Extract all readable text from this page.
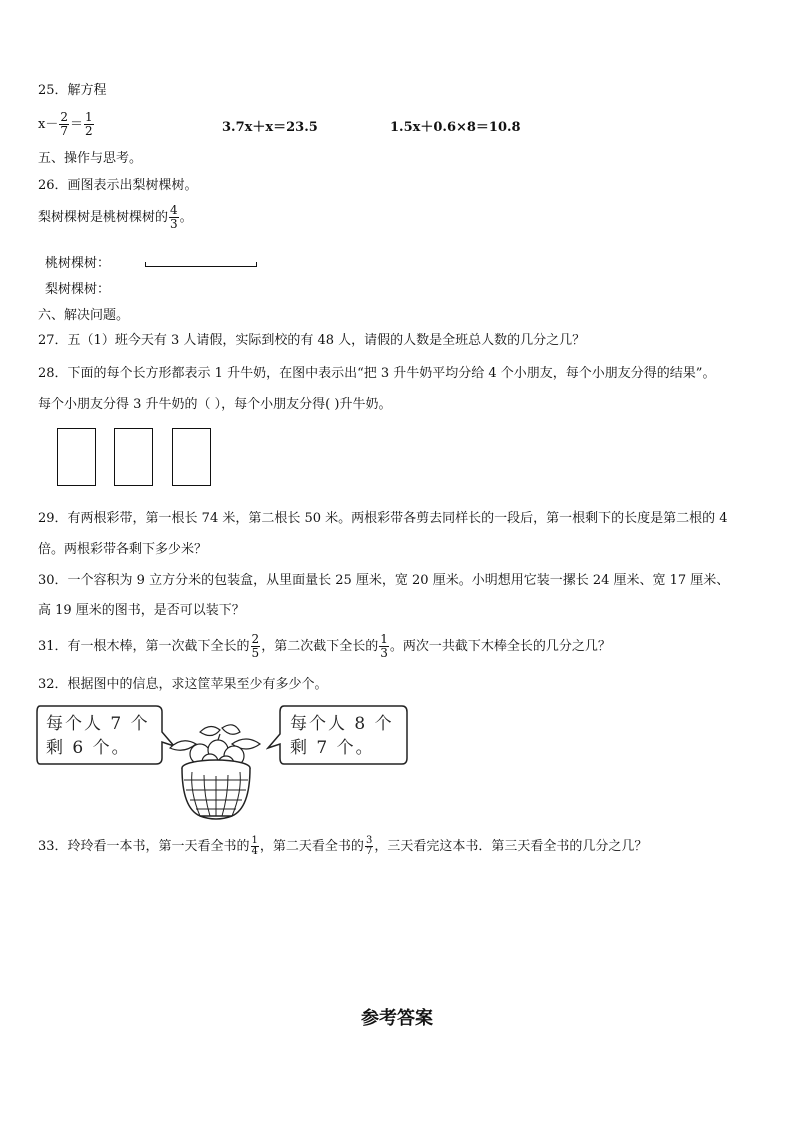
25．解方程
$x- \frac{2}{7} = \frac{1}{2}$	3.7x＋x＝23.5	1.5x＋0.6×8＝10.8
五、操作与思考。
26．画图表示出梨树棵树。
梨树棵树是桃树棵树的 $\frac{4}{3}$ 。
桃树棵树：
梨树棵树：
六、解决问题。
27．五（1）班今天有 3 人请假，实际到校的有 48 人，请假的人数是全班总人数的几分之几？
28．下面的每个长方形都表示 1 升牛奶，在图中表示出“把 3 升牛奶平均分给 4 个小朋友，每个小朋友分得的结果”。
每个小朋友分得 3 升牛奶的（ ），每个小朋友分得( )升牛奶。
29．有两根彩带，第一根长 74 米，第二根长 50 米。两根彩带各剪去同样长的一段后，第一根剩下的长度是第二根的 4
倍。两根彩带各剩下多少米？
30．一个容积为 9 立方分米的包装盒，从里面量长 25 厘米，宽 20 厘米。小明想用它装一摞长 24 厘米、宽 17 厘米、
高 19 厘米的图书，是否可以装下？
31．有一根木棒，第一次截下全长的 $\frac{2}{5}$ ，第二次截下全长的 $\frac{1}{3}$ 。两次一共截下木棒全长的几分之几？
32．根据图中的信息，求这筐苹果至少有多少个。
每个人 7 个
剩 6 个。
每个人 8 个
剩 7 个。
33．玲玲看一本书，第一天看全书的 $\frac{1}{4}$ ，第二天看全书的 $\frac{3}{7}$ ，三天看完这本书．第三天看全书的几分之几？
参考答案
